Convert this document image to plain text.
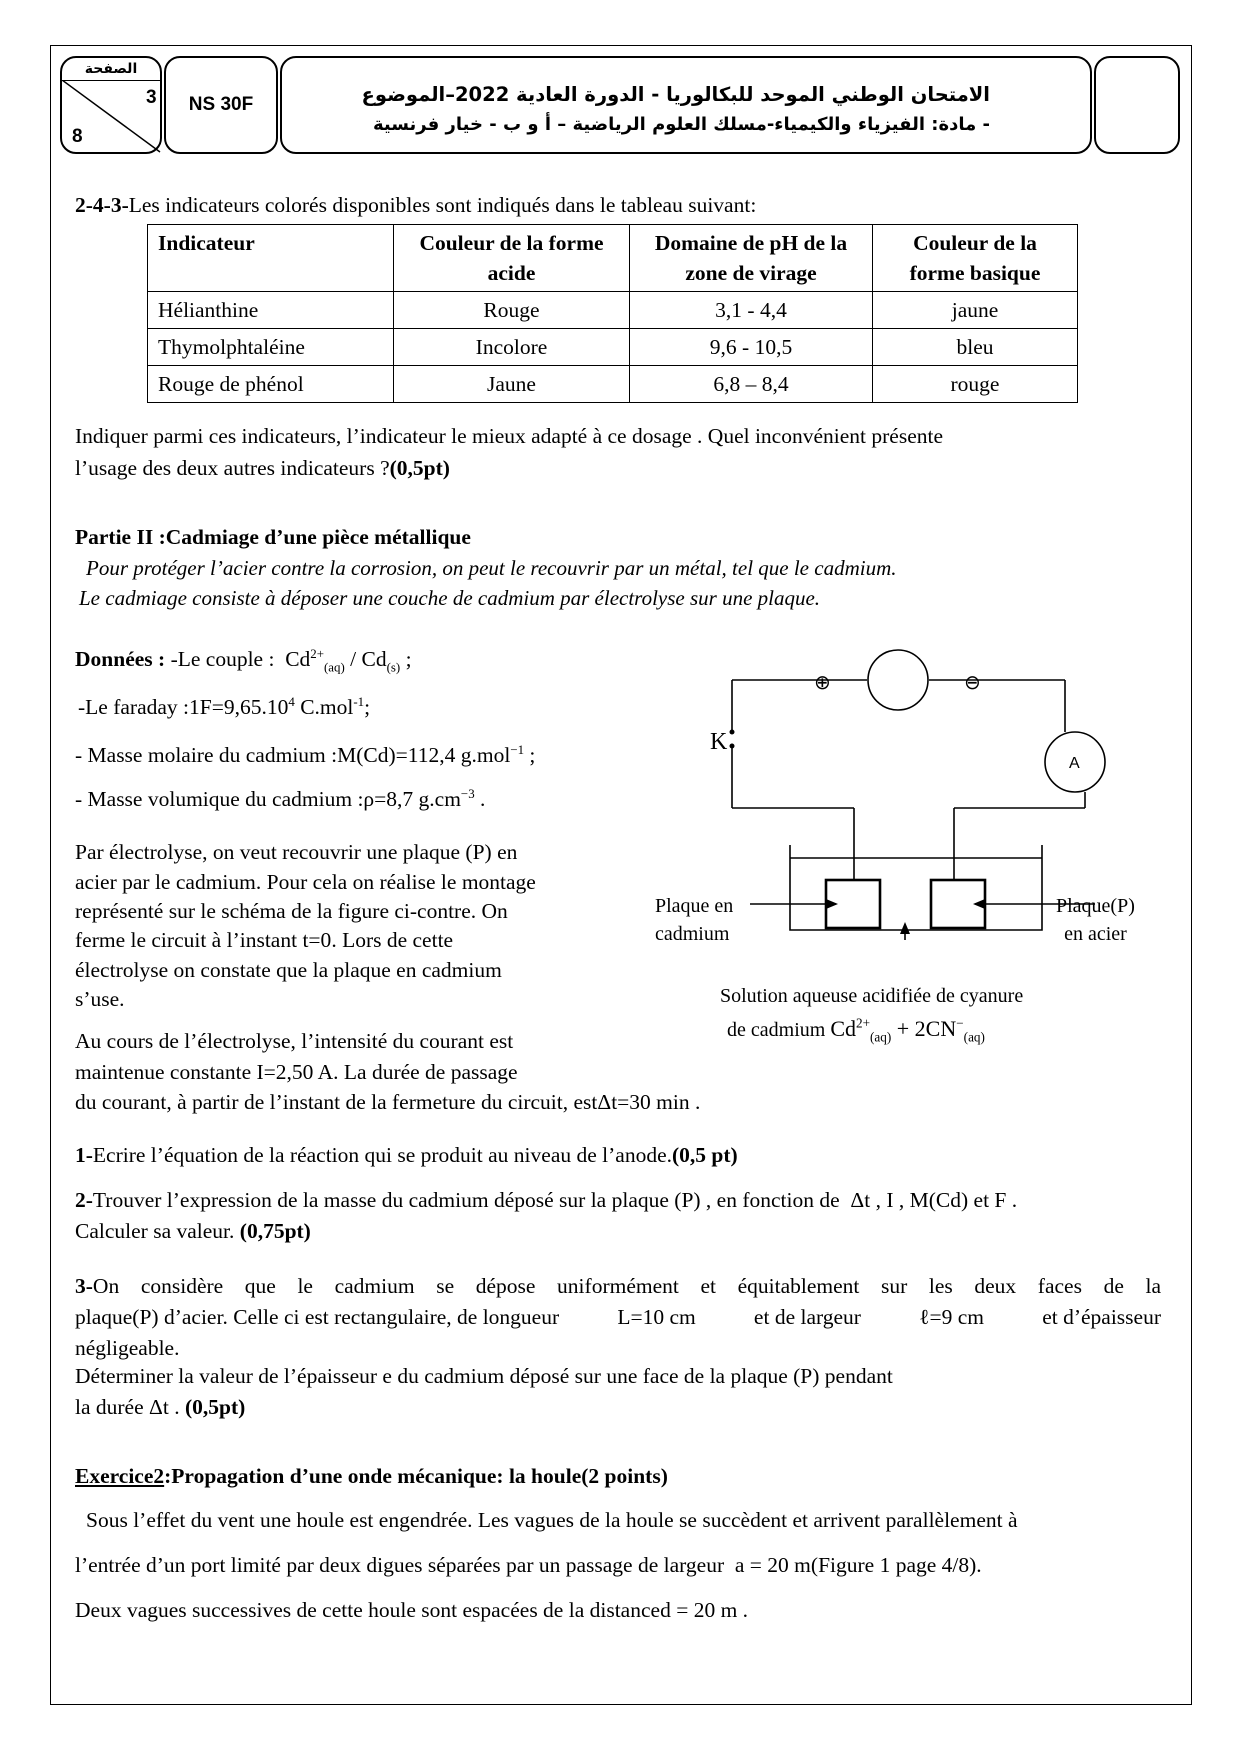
الصفحة
3
8
NS 30F	الامتحان الوطني الموحد للبكالوريا - الدورة العادية 2022–الموضوع
- مادة: الفيزياء والكيمياء-مسلك العلوم الرياضية – أ و ب - خيار فرنسية
2-4-3-Les indicateurs colorés disponibles sont indiqués dans le tableau suivant:
Indicateur	Couleur de la forme acide	Domaine de pH de la zone de virage	Couleur de la forme basique
Hélianthine	Rouge	3,1 - 4,4	jaune
Thymolphtaléine	Incolore	9,6 - 10,5	bleu
Rouge de phénol	Jaune	6,8 – 8,4	rouge
Indiquer parmi ces indicateurs, l’indicateur le mieux adapté à ce dosage . Quel inconvénient présente
l’usage des deux autres indicateurs ?(0,5pt)
Partie II :Cadmiage d’une pièce métallique
Pour protéger l’acier contre la corrosion, on peut le recouvrir par un métal, tel que le cadmium.
Le cadmiage consiste à déposer une couche de cadmium par électrolyse sur une plaque.
Données : -Le couple :  $Cd^{2+}_{(aq)} / Cd_{(s)}$ ;
-Le faraday $:1F=9,65.10^4$ C.mol$^{-1}$;
- Masse molaire du cadmium :M(Cd)=112,4 g.mol$^{-1}$ ;
- Masse volumique du cadmium :ρ=8,7 $g.cm^{-3}$ .
Par électrolyse, on veut recouvrir une plaque (P) en
acier par le cadmium. Pour cela on réalise le montage
représenté sur le schéma de la figure ci-contre. On
ferme le circuit à l’instant t=0. Lors de cette
électrolyse on constate que la plaque en cadmium
s’use.
Au cours de l’électrolyse, l’intensité du courant est
maintenue constante I=2,50 A. La durée de passage
du courant, à partir de l’instant de la fermeture du circuit, estΔt=30 min .
⊕	⊖
A
K
Plaque en
cadmium
Plaque(P)
en acier
Solution aqueuse acidifiée de cyanure
de cadmium $Cd^{2+}_{(aq)} + 2CN^-_{(aq)}$
1-Ecrire l’équation de la réaction qui se produit au niveau de l’anode.(0,5 pt)
2-Trouver l’expression de la masse du cadmium déposé sur la plaque (P) , en fonction de Δt , I , M(Cd) et F .
Calculer sa valeur. (0,75pt)
3-On considère que le cadmium se dépose uniformément et équitablement sur les deux faces de la
plaque(P) d’acier. Celle ci est rectangulaire, de longueur	L=10 cm	et de largeur	ℓ=9 cm	et d’épaisseur
négligeable.
Déterminer la valeur de l’épaisseur e du cadmium déposé sur une face de la plaque (P) pendant
la durée Δt . (0,5pt)
Exercice2:Propagation d’une onde mécanique: la houle(2 points)
Sous l’effet du vent une houle est engendrée. Les vagues de la houle se succèdent et arrivent parallèlement à
l’entrée d’un port limité par deux digues séparées par un passage de largeur a = 20 m(Figure 1 page 4/8).
Deux vagues successives de cette houle sont espacées de la distanced = 20 m .
